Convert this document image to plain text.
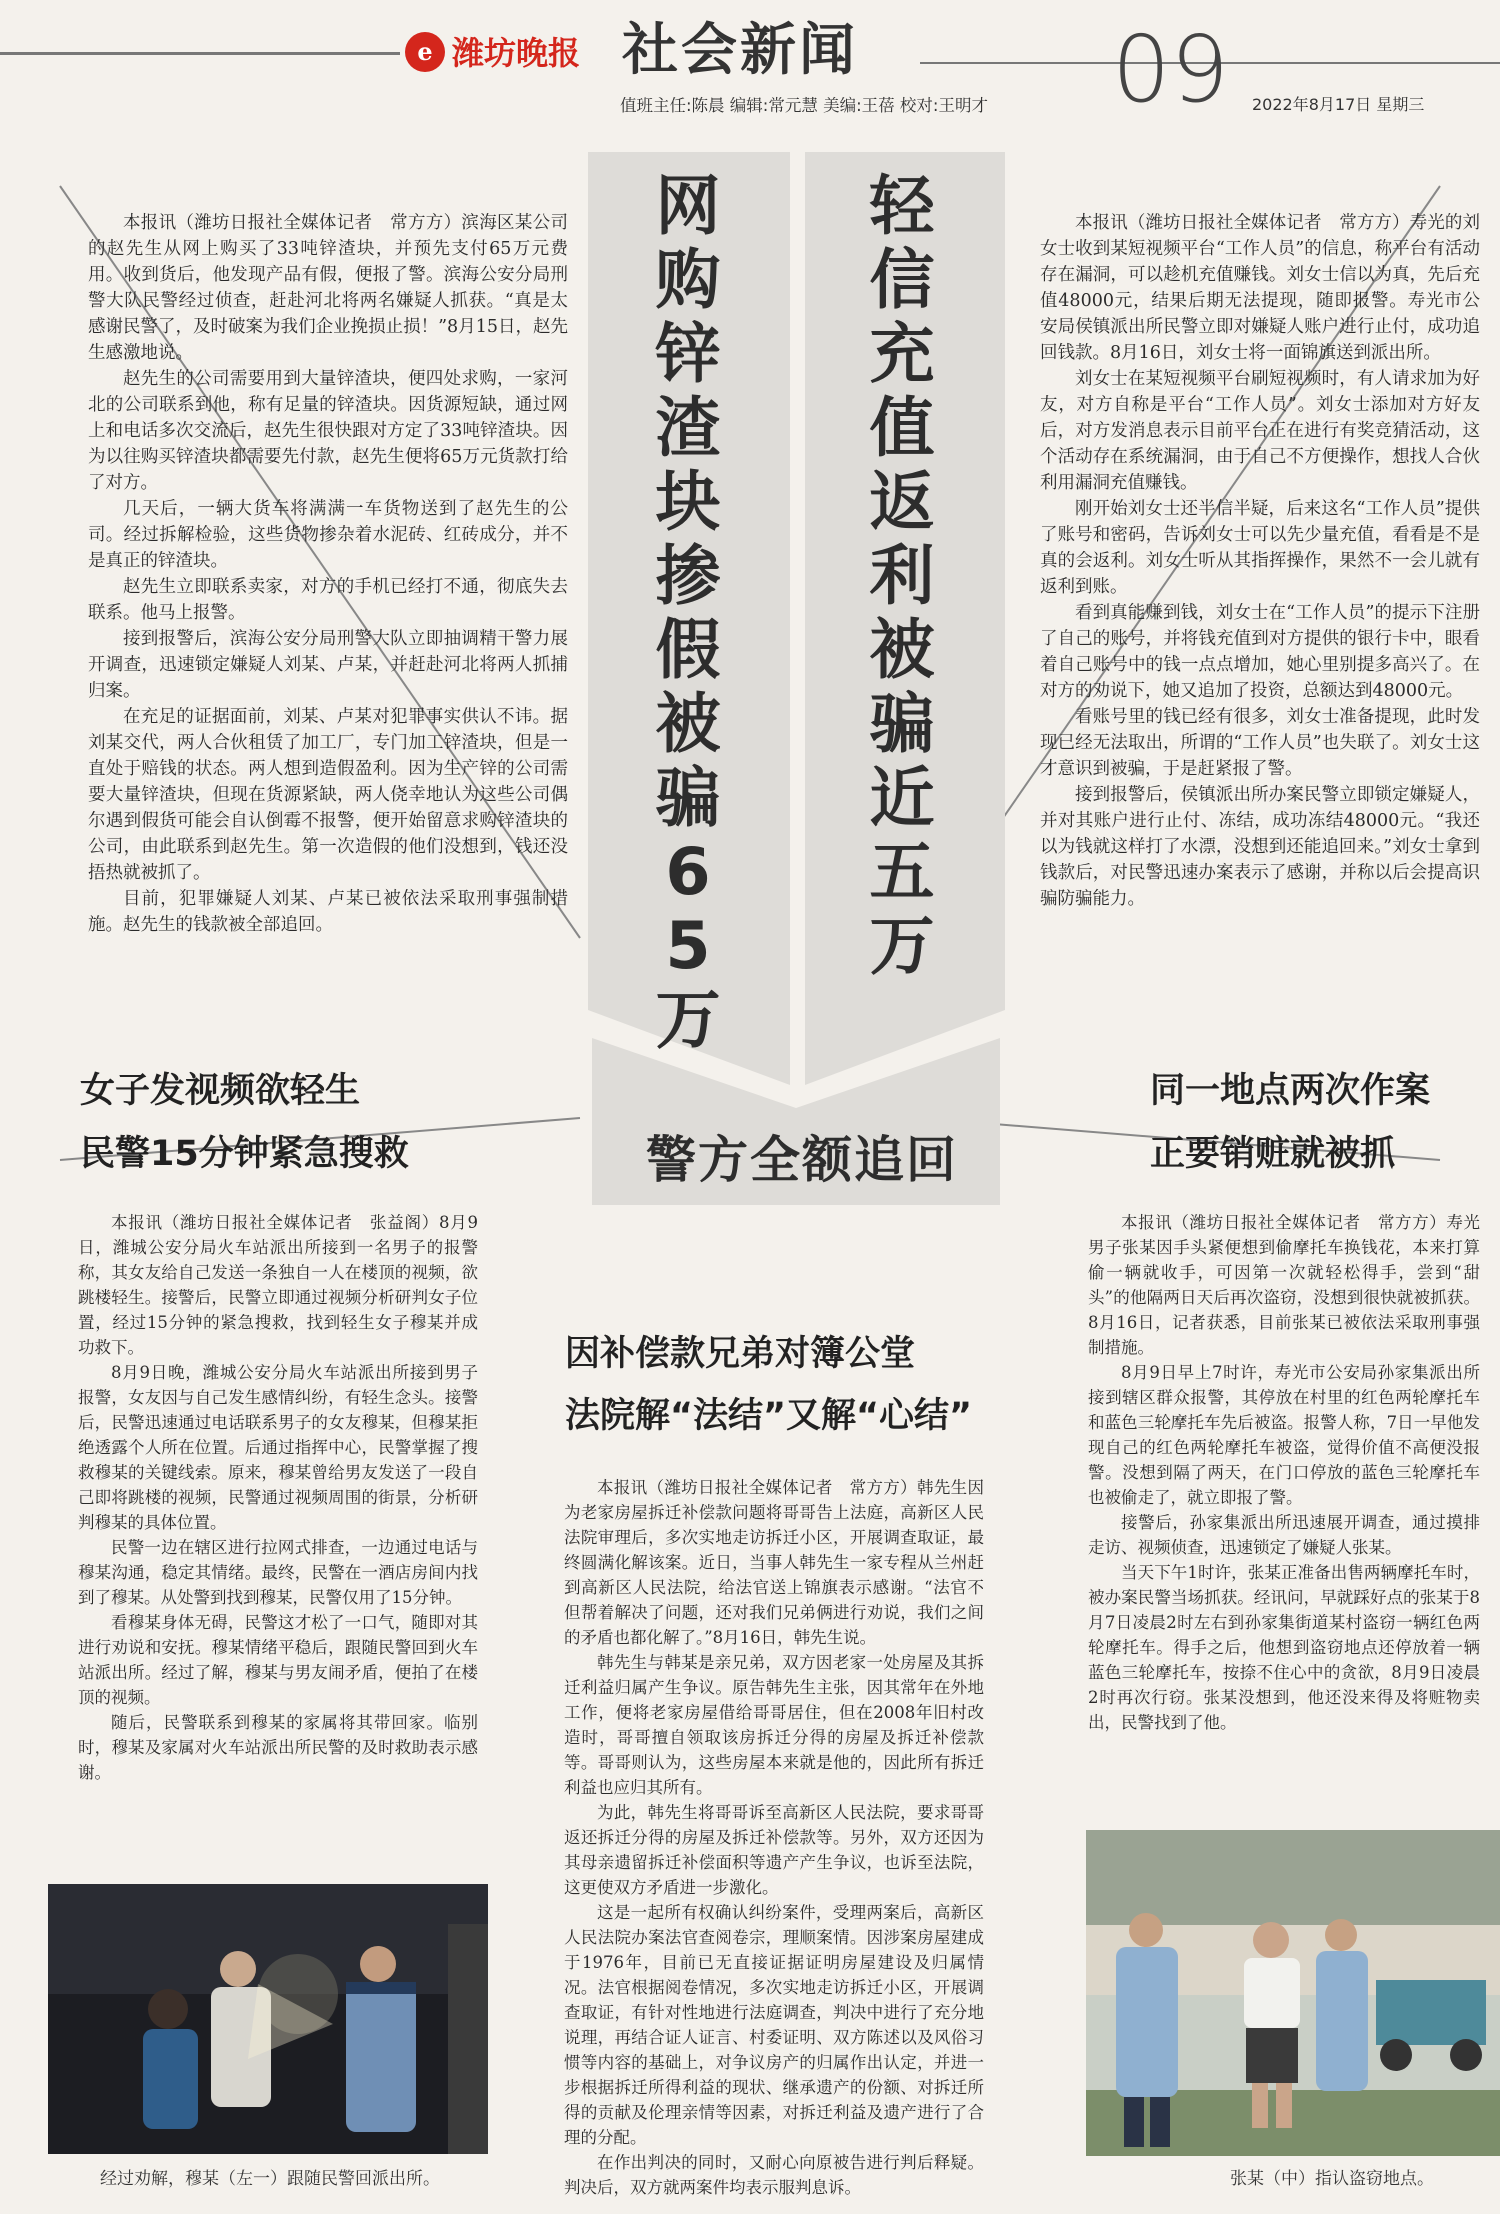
e 潍坊晚报 社会新闻	09
值班主任:陈晨 编辑:常元慧 美编:王蓓 校对:王明才	2022年8月17日 星期三
网购锌渣块掺假被骗65万
轻信充值返利被骗近五万
警方全额追回

本报讯（潍坊日报社全媒体记者　常方方）滨海区某公司的赵先生从网上购买了33吨锌渣块，并预先支付65万元费用。收到货后，他发现产品有假，便报了警。滨海公安分局刑警大队民警经过侦查，赶赴河北将两名嫌疑人抓获。“真是太感谢民警了，及时破案为我们企业挽损止损！”8月15日，赵先生感激地说。

赵先生的公司需要用到大量锌渣块，便四处求购，一家河北的公司联系到他，称有足量的锌渣块。因货源短缺，通过网上和电话多次交流后，赵先生很快跟对方定了33吨锌渣块。因为以往购买锌渣块都需要先付款，赵先生便将65万元货款打给了对方。

几天后，一辆大货车将满满一车货物送到了赵先生的公司。经过拆解检验，这些货物掺杂着水泥砖、红砖成分，并不是真正的锌渣块。

赵先生立即联系卖家，对方的手机已经打不通，彻底失去联系。他马上报警。

接到报警后，滨海公安分局刑警大队立即抽调精干警力展开调查，迅速锁定嫌疑人刘某、卢某，并赶赴河北将两人抓捕归案。

在充足的证据面前，刘某、卢某对犯罪事实供认不讳。据刘某交代，两人合伙租赁了加工厂，专门加工锌渣块，但是一直处于赔钱的状态。两人想到造假盈利。因为生产锌的公司需要大量锌渣块，但现在货源紧缺，两人侥幸地认为这些公司偶尔遇到假货可能会自认倒霉不报警，便开始留意求购锌渣块的公司，由此联系到赵先生。第一次造假的他们没想到，钱还没捂热就被抓了。

目前，犯罪嫌疑人刘某、卢某已被依法采取刑事强制措施。赵先生的钱款被全部追回。

本报讯（潍坊日报社全媒体记者　常方方）寿光的刘女士收到某短视频平台“工作人员”的信息，称平台有活动存在漏洞，可以趁机充值赚钱。刘女士信以为真，先后充值48000元，结果后期无法提现，随即报警。寿光市公安局侯镇派出所民警立即对嫌疑人账户进行止付，成功追回钱款。8月16日，刘女士将一面锦旗送到派出所。

刘女士在某短视频平台刷短视频时，有人请求加为好友，对方自称是平台“工作人员”。刘女士添加对方好友后，对方发消息表示目前平台正在进行有奖竞猜活动，这个活动存在系统漏洞，由于自己不方便操作，想找人合伙利用漏洞充值赚钱。

刚开始刘女士还半信半疑，后来这名“工作人员”提供了账号和密码，告诉刘女士可以先少量充值，看看是不是真的会返利。刘女士听从其指挥操作，果然不一会儿就有返利到账。

看到真能赚到钱，刘女士在“工作人员”的提示下注册了自己的账号，并将钱充值到对方提供的银行卡中，眼看着自己账号中的钱一点点增加，她心里别提多高兴了。在对方的劝说下，她又追加了投资，总额达到48000元。

看账号里的钱已经有很多，刘女士准备提现，此时发现已经无法取出，所谓的“工作人员”也失联了。刘女士这才意识到被骗，于是赶紧报了警。

接到报警后，侯镇派出所办案民警立即锁定嫌疑人，并对其账户进行止付、冻结，成功冻结48000元。“我还以为钱就这样打了水漂，没想到还能追回来。”刘女士拿到钱款后，对民警迅速办案表示了感谢，并称以后会提高识骗防骗能力。

女子发视频欲轻生
民警15分钟紧急搜救

本报讯（潍坊日报社全媒体记者　张益阁）8月9日，潍城公安分局火车站派出所接到一名男子的报警称，其女友给自己发送一条独自一人在楼顶的视频，欲跳楼轻生。接警后，民警立即通过视频分析研判女子位置，经过15分钟的紧急搜救，找到轻生女子穆某并成功救下。

8月9日晚，潍城公安分局火车站派出所接到男子报警，女友因与自己发生感情纠纷，有轻生念头。接警后，民警迅速通过电话联系男子的女友穆某，但穆某拒绝透露个人所在位置。后通过指挥中心，民警掌握了搜救穆某的关键线索。原来，穆某曾给男友发送了一段自己即将跳楼的视频，民警通过视频周围的街景，分析研判穆某的具体位置。

民警一边在辖区进行拉网式排查，一边通过电话与穆某沟通，稳定其情绪。最终，民警在一酒店房间内找到了穆某。从处警到找到穆某，民警仅用了15分钟。

看穆某身体无碍，民警这才松了一口气，随即对其进行劝说和安抚。穆某情绪平稳后，跟随民警回到火车站派出所。经过了解，穆某与男友闹矛盾，便拍了在楼顶的视频。

随后，民警联系到穆某的家属将其带回家。临别时，穆某及家属对火车站派出所民警的及时救助表示感谢。

经过劝解，穆某（左一）跟随民警回派出所。
因补偿款兄弟对簿公堂
法院解“法结”又解“心结”

本报讯（潍坊日报社全媒体记者　常方方）韩先生因为老家房屋拆迁补偿款问题将哥哥告上法庭，高新区人民法院审理后，多次实地走访拆迁小区，开展调查取证，最终圆满化解该案。近日，当事人韩先生一家专程从兰州赶到高新区人民法院，给法官送上锦旗表示感谢。“法官不但帮着解决了问题，还对我们兄弟俩进行劝说，我们之间的矛盾也都化解了。”8月16日，韩先生说。

韩先生与韩某是亲兄弟，双方因老家一处房屋及其拆迁利益归属产生争议。原告韩先生主张，因其常年在外地工作，便将老家房屋借给哥哥居住，但在2008年旧村改造时，哥哥擅自领取该房拆迁分得的房屋及拆迁补偿款等。哥哥则认为，这些房屋本来就是他的，因此所有拆迁利益也应归其所有。

为此，韩先生将哥哥诉至高新区人民法院，要求哥哥返还拆迁分得的房屋及拆迁补偿款等。另外，双方还因为其母亲遗留拆迁补偿面积等遗产产生争议，也诉至法院，这更使双方矛盾进一步激化。

这是一起所有权确认纠纷案件，受理两案后，高新区人民法院办案法官查阅卷宗，理顺案情。因涉案房屋建成于1976年，目前已无直接证据证明房屋建设及归属情况。法官根据阅卷情况，多次实地走访拆迁小区，开展调查取证，有针对性地进行法庭调查，判决中进行了充分地说理，再结合证人证言、村委证明、双方陈述以及风俗习惯等内容的基础上，对争议房产的归属作出认定，并进一步根据拆迁所得利益的现状、继承遗产的份额、对拆迁所得的贡献及伦理亲情等因素，对拆迁利益及遗产进行了合理的分配。

在作出判决的同时，又耐心向原被告进行判后释疑。判决后，双方就两案件均表示服判息诉。

同一地点两次作案
正要销赃就被抓

本报讯（潍坊日报社全媒体记者　常方方）寿光男子张某因手头紧便想到偷摩托车换钱花，本来打算偷一辆就收手，可因第一次就轻松得手，尝到“甜头”的他隔两日天后再次盗窃，没想到很快就被抓获。8月16日，记者获悉，目前张某已被依法采取刑事强制措施。

8月9日早上7时许，寿光市公安局孙家集派出所接到辖区群众报警，其停放在村里的红色两轮摩托车和蓝色三轮摩托车先后被盗。报警人称，7日一早他发现自己的红色两轮摩托车被盗，觉得价值不高便没报警。没想到隔了两天，在门口停放的蓝色三轮摩托车也被偷走了，就立即报了警。

接警后，孙家集派出所迅速展开调查，通过摸排走访、视频侦查，迅速锁定了嫌疑人张某。

当天下午1时许，张某正准备出售两辆摩托车时，被办案民警当场抓获。经讯问，早就踩好点的张某于8月7日凌晨2时左右到孙家集街道某村盗窃一辆红色两轮摩托车。得手之后，他想到盗窃地点还停放着一辆蓝色三轮摩托车，按捺不住心中的贪欲，8月9日凌晨2时再次行窃。张某没想到，他还没来得及将赃物卖出，民警找到了他。

张某（中）指认盗窃地点。
